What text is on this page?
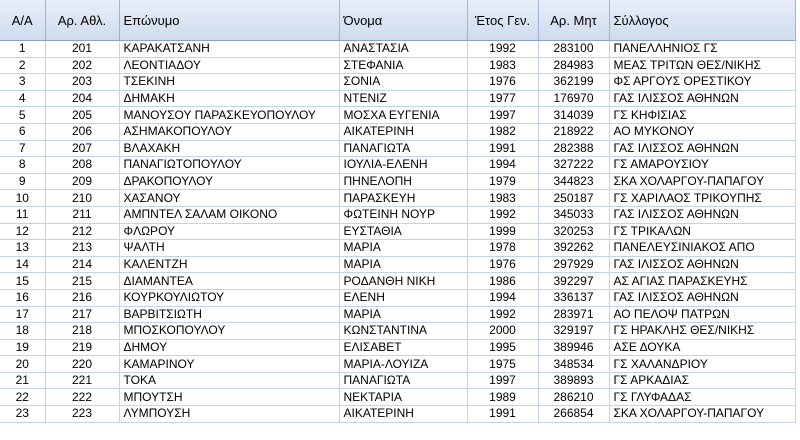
Α/Α	Αρ. Αθλ.	Επώνυμο	Όνομα	Έτος Γεν.	Αρ. Μητ	Σύλλογος
1	201	ΚΑΡΑΚΑΤΣΑΝΗ	ΑΝΑΣΤΑΣΙΑ	1992	283100	ΠΑΝΕΛΛΗΝΙΟΣ ΓΣ
2	202	ΛΕΟΝΤΙΑΔΟΥ	ΣΤΕΦΑΝΙΑ	1983	284983	ΜΕΑΣ ΤΡΙΤΩΝ ΘΕΣ/ΝΙΚΗΣ
3	203	ΤΣΕΚΙΝΗ	ΣΟΝΙΑ	1976	362199	ΦΣ ΑΡΓΟΥΣ ΟΡΕΣΤΙΚΟΥ
4	204	ΔΗΜΑΚΗ	ΝΤΕΝΙΖ	1977	176970	ΓΑΣ ΙΛΙΣΣΟΣ ΑΘΗΝΩΝ
5	205	ΜΑΝΟΥΣΟΥ ΠΑΡΑΣΚΕΥΟΠΟΥΛΟΥ	ΜΟΣΧΑ ΕΥΓΕΝΙΑ	1997	314039	ΓΣ ΚΗΦΙΣΙΑΣ
6	206	ΑΣΗΜΑΚΟΠΟΥΛΟΥ	ΑΙΚΑΤΕΡΙΝΗ	1982	218922	ΑΟ ΜΥΚΟΝΟΥ
7	207	ΒΛΑΧΑΚΗ	ΠΑΝΑΓΙΩΤΑ	1991	282388	ΓΑΣ ΙΛΙΣΣΟΣ ΑΘΗΝΩΝ
8	208	ΠΑΝΑΓΙΩΤΟΠΟΥΛΟΥ	ΙΟΥΛΙΑ-ΕΛΕΝΗ	1994	327222	ΓΣ ΑΜΑΡΟΥΣΙΟΥ
9	209	ΔΡΑΚΟΠΟΥΛΟΥ	ΠΗΝΕΛΟΠΗ	1979	344823	ΣΚΑ ΧΟΛΑΡΓΟΥ-ΠΑΠΑΓΟΥ
10	210	ΧΑΣΑΝΟΥ	ΠΑΡΑΣΚΕΥΗ	1983	250187	ΓΣ ΧΑΡΙΛΑΟΣ ΤΡΙΚΟΥΠΗΣ
11	211	ΑΜΠΝΤΕΛ ΣΑΛΑΜ ΟΙΚΟΝΟ	ΦΩΤΕΙΝΗ ΝΟΥΡ	1992	345033	ΓΑΣ ΙΛΙΣΣΟΣ ΑΘΗΝΩΝ
12	212	ΦΛΩΡΟΥ	ΕΥΣΤΑΘΙΑ	1999	320253	ΓΣ ΤΡΙΚΑΛΩΝ
13	213	ΨΑΛΤΗ	ΜΑΡΙΑ	1978	392262	ΠΑΝΕΛΕΥΣΙΝΙΑΚΟΣ ΑΠΟ
14	214	ΚΑΛΕΝΤΖΗ	ΜΑΡΙΑ	1976	297929	ΓΑΣ ΙΛΙΣΣΟΣ ΑΘΗΝΩΝ
15	215	ΔΙΑΜΑΝΤΕΑ	ΡΟΔΑΝΘΗ ΝΙΚΗ	1986	392297	ΑΣ ΑΓΙΑΣ ΠΑΡΑΣΚΕΥΗΣ
16	216	ΚΟΥΡΚΟΥΛΙΩΤΟΥ	ΕΛΕΝΗ	1994	336137	ΓΑΣ ΙΛΙΣΣΟΣ ΑΘΗΝΩΝ
17	217	ΒΑΡΒΙΤΣΙΩΤΗ	ΜΑΡΙΑ	1992	283971	ΑΟ ΠΕΛΟΨ ΠΑΤΡΩΝ
18	218	ΜΠΟΣΚΟΠΟΥΛΟΥ	ΚΩΝΣΤΑΝΤΙΝΑ	2000	329197	ΓΣ ΗΡΑΚΛΗΣ ΘΕΣ/ΝΙΚΗΣ
19	219	ΔΗΜΟΥ	ΕΛΙΣΑΒΕΤ	1995	389946	ΑΣΕ ΔΟΥΚΑ
20	220	ΚΑΜΑΡΙΝΟΥ	ΜΑΡΙΑ-ΛΟΥΙΖΑ	1975	348534	ΓΣ ΧΑΛΑΝΔΡΙΟΥ
21	221	ΤΟΚΑ	ΠΑΝΑΓΙΩΤΑ	1997	389893	ΓΣ ΑΡΚΑΔΙΑΣ
22	222	ΜΠΟΥΤΣΗ	ΝΕΚΤΑΡΙΑ	1989	286210	ΓΣ ΓΛΥΦΑΔΑΣ
23	223	ΛΥΜΠΟΥΣΗ	ΑΙΚΑΤΕΡΙΝΗ	1991	266854	ΣΚΑ ΧΟΛΑΡΓΟΥ-ΠΑΠΑΓΟΥ
